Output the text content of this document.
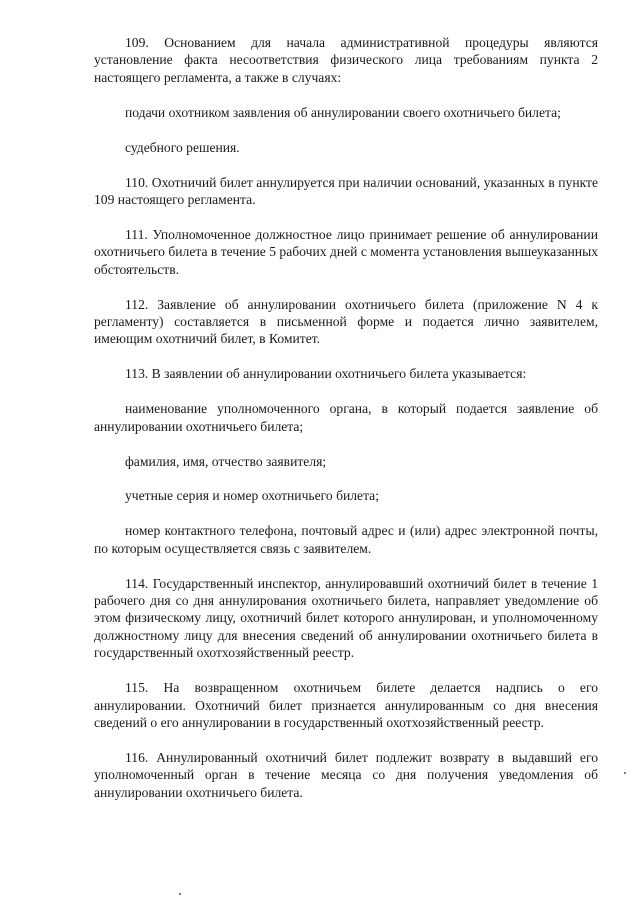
109. Основанием для начала административной процедуры являются установление факта несоответствия физического лица требованиям пункта 2 настоящего регламента, а также в случаях:

подачи охотником заявления об аннулировании своего охотничьего билета;

судебного решения.

110. Охотничий билет аннулируется при наличии оснований, указанных в пункте 109 настоящего регламента.

111. Уполномоченное должностное лицо принимает решение об аннулировании охотничьего билета в течение 5 рабочих дней с момента установления вышеуказанных обстоятельств.

112. Заявление об аннулировании охотничьего билета (приложение N 4 к регламенту) составляется в письменной форме и подается лично заявителем, имеющим охотничий билет, в Комитет.

113. В заявлении об аннулировании охотничьего билета указывается:

наименование уполномоченного органа, в который подается заявление об аннулировании охотничьего билета;

фамилия, имя, отчество заявителя;

учетные серия и номер охотничьего билета;

номер контактного телефона, почтовый адрес и (или) адрес электронной почты, по которым осуществляется связь с заявителем.

114. Государственный инспектор, аннулировавший охотничий билет в течение 1 рабочего дня со дня аннулирования охотничьего билета, направляет уведомление об этом физическому лицу, охотничий билет которого аннулирован, и уполномоченному должностному лицу для внесения сведений об аннулировании охотничьего билета в государственный охотхозяйственный реестр.

115. На возвращенном охотничьем билете делается надпись о его аннулировании. Охотничий билет признается аннулированным со дня внесения сведений о его аннулировании в государственный охотхозяйственный реестр.

116. Аннулированный охотничий билет подлежит возврату в выдавший его уполномоченный орган в течение месяца со дня получения уведомления об аннулировании охотничьего билета.
